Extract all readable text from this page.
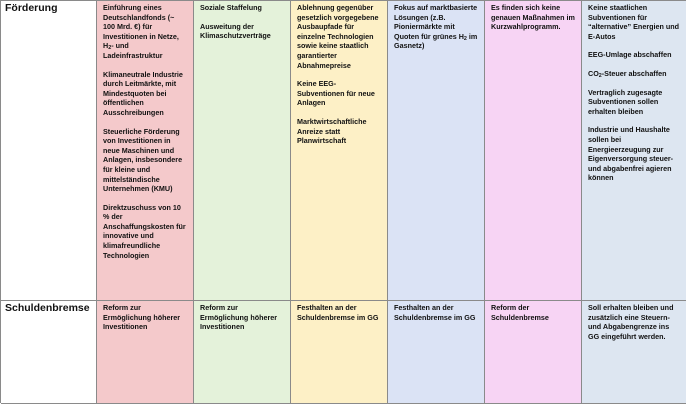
Förderung	Einführung eines Deutschlandfonds (~ 100 Mrd. €) für Investitionen in Netze, $H_2-$ und Ladeinfrastruktur
Klimaneutrale Industrie durch Leitmärkte, mit Mindestquoten bei öffentlichen Ausschreibungen
Steuerliche Förderung von Investitionen in neue Maschinen und Anlagen, insbesondere für kleine und mittelständische Unternehmen (KMU)
Direktzuschuss von 10 % der Anschaffungskosten für innovative und klimafreundliche Technologien
Soziale Staffelung
Ausweitung der Klimaschutzverträge
Ablehnung gegenüber gesetzlich vorgegebene Ausbaupfade für einzelne Technologien sowie keine staatlich garantierter Abnahmepreise
Keine EEG-Subventionen für neue Anlagen
Marktwirtschaftliche Anreize statt Planwirtschaft
Fokus auf marktbasierte Lösungen (z.B. Pioniermärkte mit Quoten für grünes $H_2$ im Gasnetz)
Es finden sich keine genauen Maßnahmen im Kurzwahlprogramm.
Keine staatlichen Subventionen für “alternative” Energien und E-Autos
EEG-Umlage abschaffen
$CO_2$-Steuer abschaffen
Vertraglich zugesagte Subventionen sollen erhalten bleiben
Industrie und Haushalte sollen bei Energieerzeugung zur Eigenversorgung steuer- und abgabenfrei agieren können
Schuldenbremse	Reform zur Ermöglichung höherer Investitionen
Reform zur Ermöglichung höherer Investitionen
Festhalten an der Schuldenbremse im GG
Festhalten an der Schuldenbremse im GG
Reform der Schuldenbremse
Soll erhalten bleiben und zusätzlich eine Steuern- und Abgabengrenze ins GG eingeführt werden.
